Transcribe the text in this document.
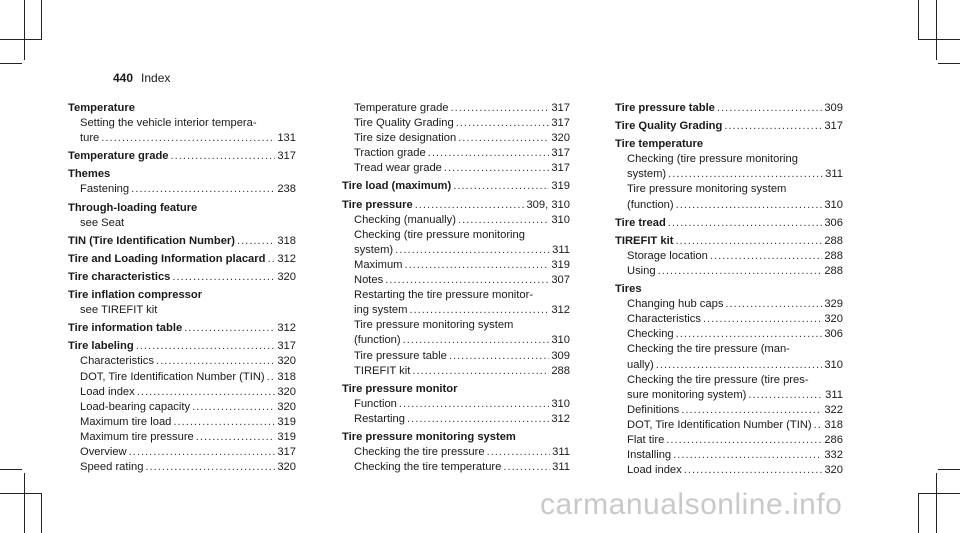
440 Index
Temperature
Setting the vehicle interior tempera-
ture .....	131
Temperature grade .....	317
Themes
Fastening .....	238
Through-loading feature
see Seat
TIN (Tire Identification Number) .....	318
Tire and Loading Information placard ..... 312
Tire characteristics .....	320
Tire inflation compressor
see TIREFIT kit
Tire information table .....	312
Tire labeling .....	317
Characteristics .....	320
DOT, Tire Identification Number (TIN) ..... 318
Load index .....	320
Load-bearing capacity .....	320
Maximum tire load .....	319
Maximum tire pressure .....	319
Overview .....	317
Speed rating .....	320
Temperature grade .....	317
Tire Quality Grading .....	317
Tire size designation .....	320
Traction grade .....	317
Tread wear grade .....	317
Tire load (maximum) .....	319
Tire pressure .....	309, 310
Checking (manually) .....	310
Checking (tire pressure monitoring
system) .....	311
Maximum .....	319
Notes .....	307
Restarting the tire pressure monitor-
ing system .....	312
Tire pressure monitoring system
(function) .....	310
Tire pressure table .....	309
TIREFIT kit .....	288
Tire pressure monitor
Function .....	310
Restarting .....	312
Tire pressure monitoring system
Checking the tire pressure .....	311
Checking the tire temperature .....	311
Tire pressure table .....	309
Tire Quality Grading .....	317
Tire temperature
Checking (tire pressure monitoring
system) .....	311
Tire pressure monitoring system
(function) .....	310
Tire tread .....	306
TIREFIT kit .....	288
Storage location .....	288
Using .....	288
Tires
Changing hub caps .....	329
Characteristics .....	320
Checking .....	306
Checking the tire pressure (man-
ually) .....	310
Checking the tire pressure (tire pres-
sure monitoring system) .....	311
Definitions .....	322
DOT, Tire Identification Number (TIN) ..... 318
Flat tire .....	286
Installing .....	332
Load index .....	320
carmanualsonline.info
